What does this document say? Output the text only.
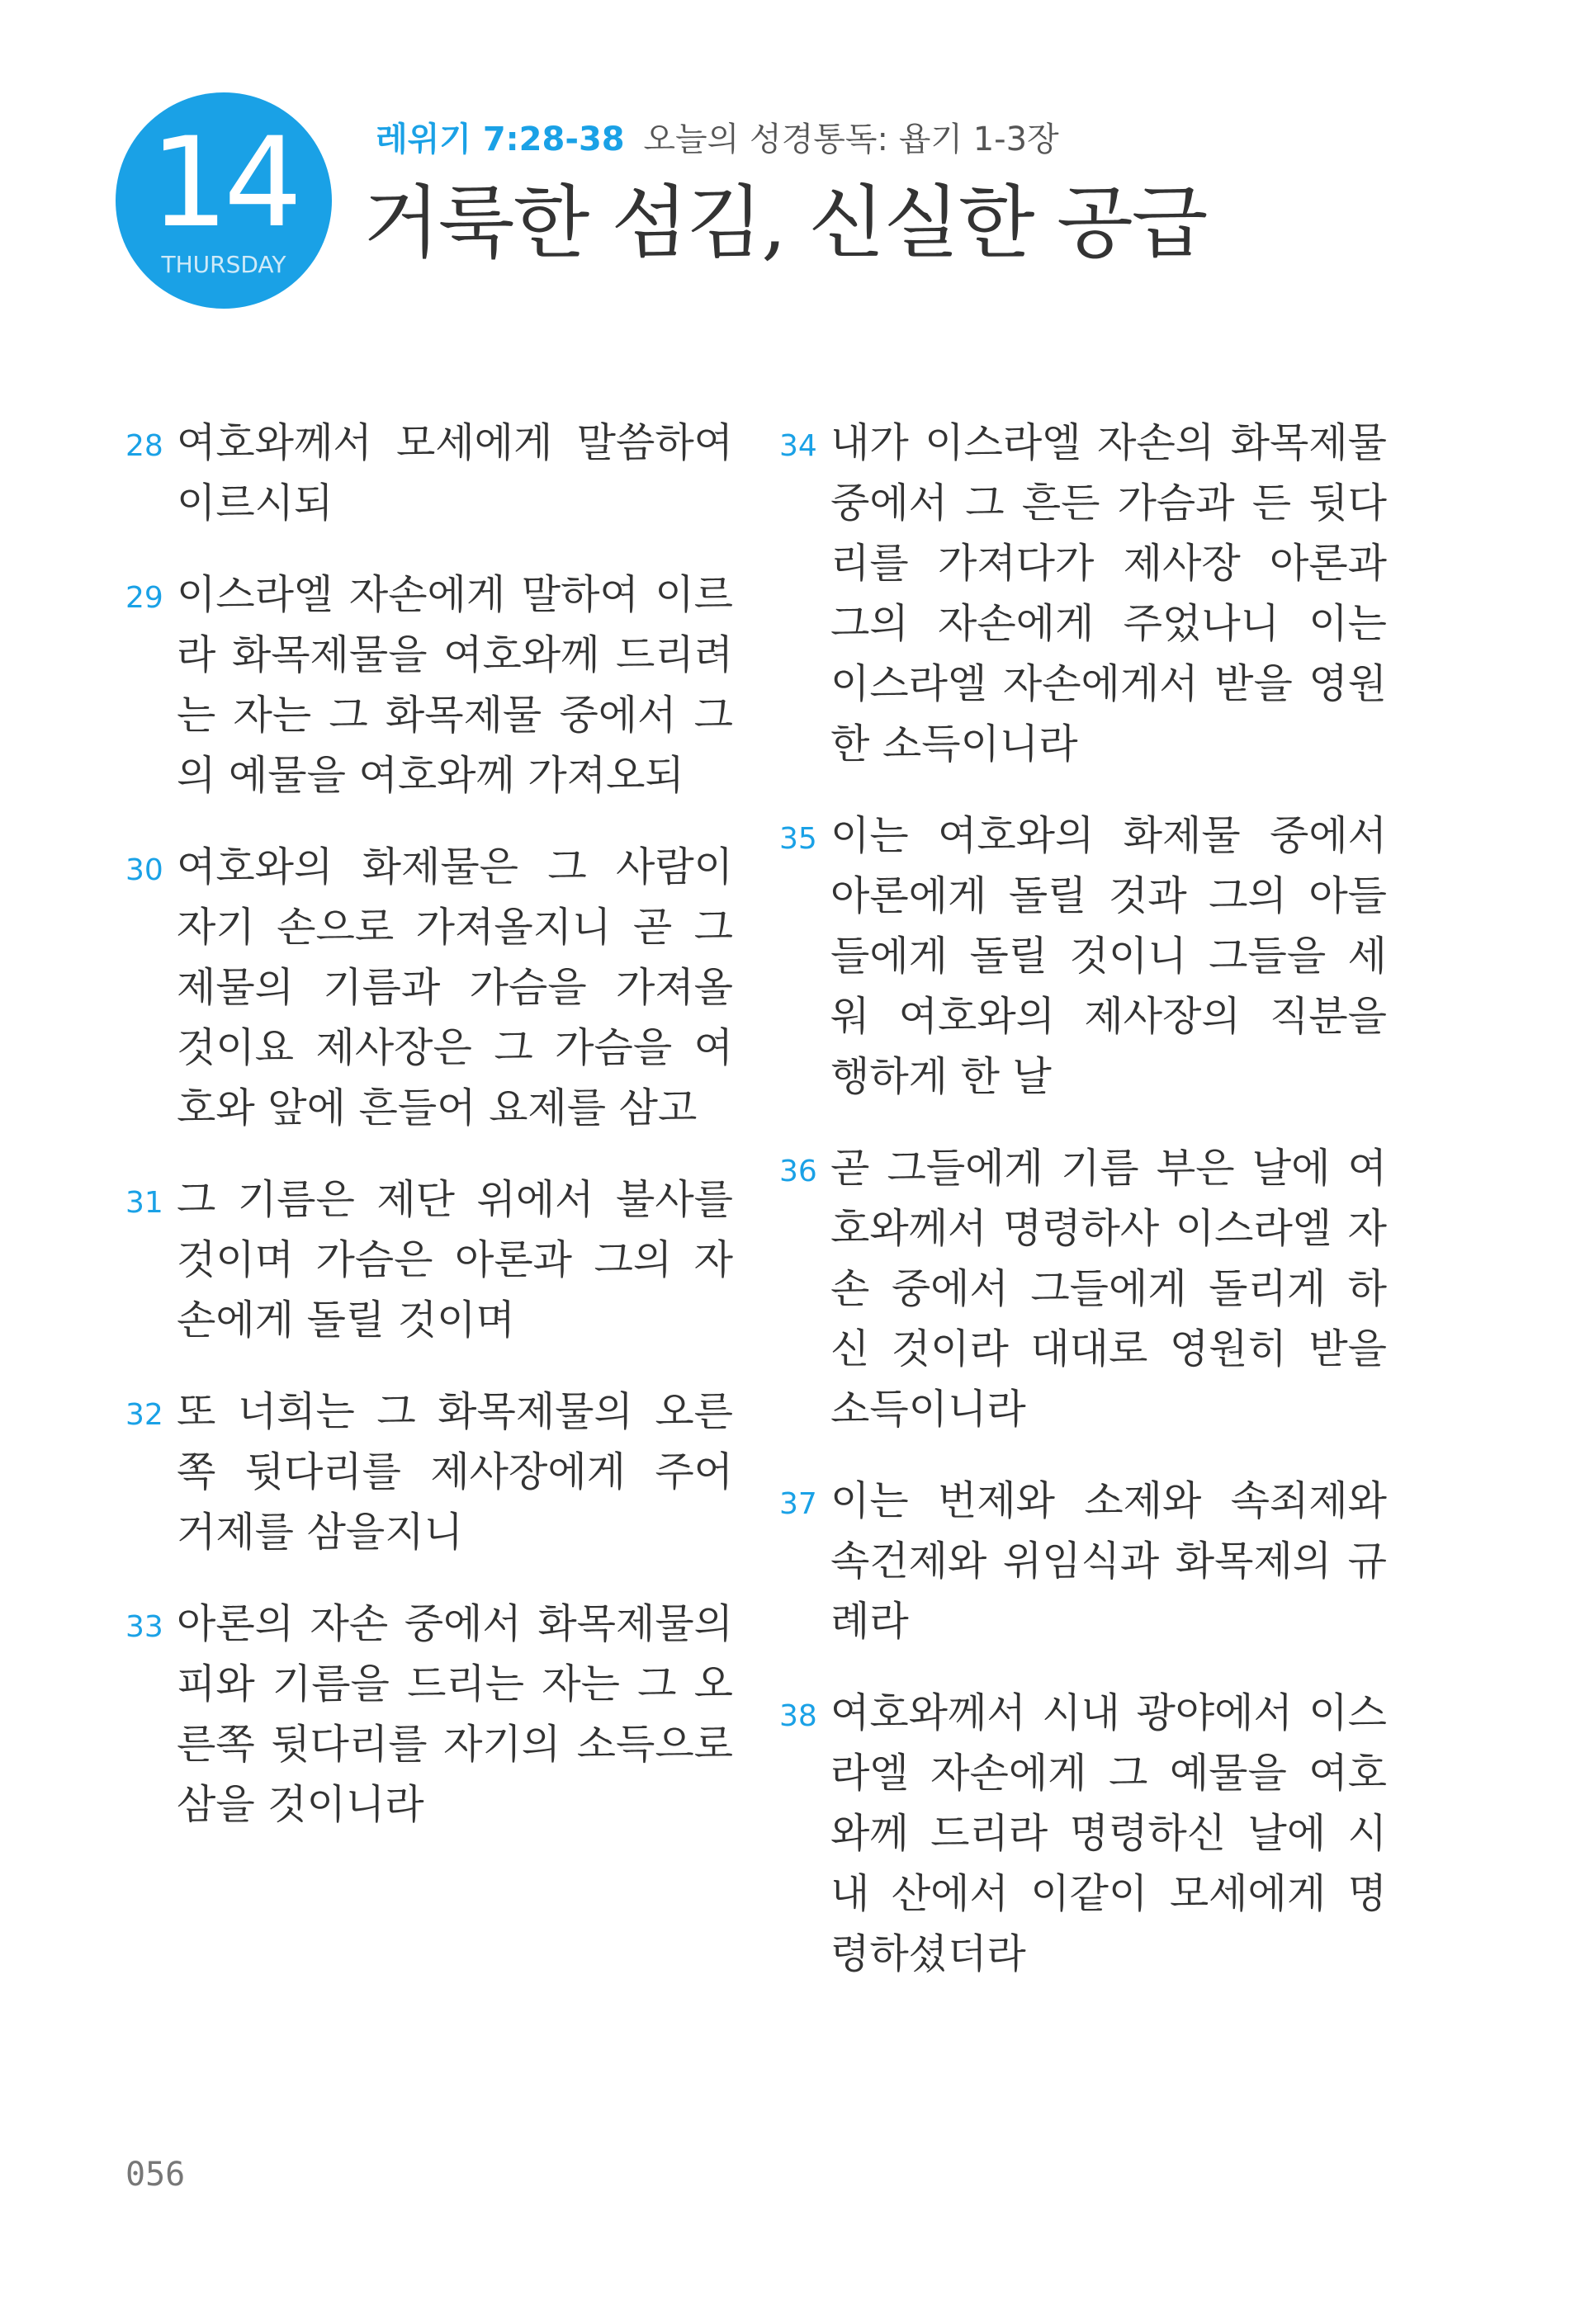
14
THURSDAY
레위기 7:28-38 오늘의 성경통독: 욥기 1-3장
거룩한 섬김, 신실한 공급
28 여호와께서 모세에게 말씀하여 이르시되
29 이스라엘 자손에게 말하여 이르라 화목제물을 여호와께 드리려는 자는 그 화목제물 중에서 그의 예물을 여호와께 가져오되
30 여호와의 화제물은 그 사람이 자기 손으로 가져올지니 곧 그 제물의 기름과 가슴을 가져올 것이요 제사장은 그 가슴을 여호와 앞에 흔들어 요제를 삼고
31 그 기름은 제단 위에서 불사를 것이며 가슴은 아론과 그의 자손에게 돌릴 것이며
32 또 너희는 그 화목제물의 오른쪽 뒷다리를 제사장에게 주어 거제를 삼을지니
33 아론의 자손 중에서 화목제물의 피와 기름을 드리는 자는 그 오른쪽 뒷다리를 자기의 소득으로 삼을 것이니라
34 내가 이스라엘 자손의 화목제물 중에서 그 흔든 가슴과 든 뒷다리를 가져다가 제사장 아론과 그의 자손에게 주었나니 이는 이스라엘 자손에게서 받을 영원한 소득이니라
35 이는 여호와의 화제물 중에서 아론에게 돌릴 것과 그의 아들들에게 돌릴 것이니 그들을 세워 여호와의 제사장의 직분을 행하게 한 날
36 곧 그들에게 기름 부은 날에 여호와께서 명령하사 이스라엘 자손 중에서 그들에게 돌리게 하신 것이라 대대로 영원히 받을 소득이니라
37 이는 번제와 소제와 속죄제와 속건제와 위임식과 화목제의 규례라
38 여호와께서 시내 광야에서 이스라엘 자손에게 그 예물을 여호와께 드리라 명령하신 날에 시내 산에서 이같이 모세에게 명령하셨더라
056
